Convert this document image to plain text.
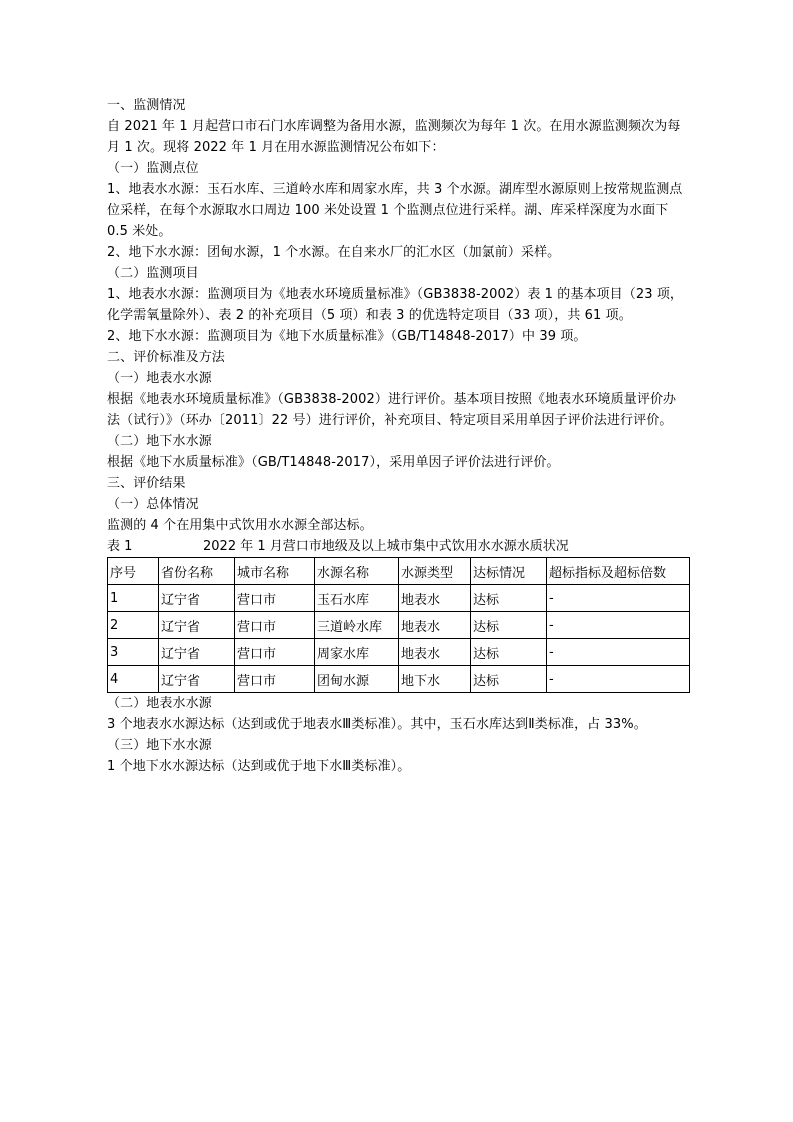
一、监测情况

自 2021 年 1 月起营口市石门水库调整为备用水源，监测频次为每年 1 次。在用水源监测频次为每月 1 次。现将 2022 年 1 月在用水源监测情况公布如下：

（一）监测点位

1、地表水水源：玉石水库、三道岭水库和周家水库，共 3 个水源。湖库型水源原则上按常规监测点位采样，在每个水源取水口周边 100 米处设置 1 个监测点位进行采样。湖、库采样深度为水面下 0.5 米处。

2、地下水水源：团甸水源，1 个水源。在自来水厂的汇水区（加氯前）采样。

（二）监测项目

1、地表水水源：监测项目为《地表水环境质量标准》（GB3838-2002）表 1 的基本项目（23 项，化学需氧量除外）、表 2 的补充项目（5 项）和表 3 的优选特定项目（33 项），共 61 项。

2、地下水水源：监测项目为《地下水质量标准》（GB/T14848-2017）中 39 项。

二、评价标准及方法

（一）地表水水源

根据《地表水环境质量标准》（GB3838-2002）进行评价。基本项目按照《地表水环境质量评价办法（试行）》（环办〔2011〕22 号）进行评价，补充项目、特定项目采用单因子评价法进行评价。

（二）地下水水源

根据《地下水质量标准》（GB/T14848-2017），采用单因子评价法进行评价。

三、评价结果

（一）总体情况

监测的 4 个在用集中式饮用水水源全部达标。

表 1	2022 年 1 月营口市地级及以上城市集中式饮用水水源水质状况

序号	省份名称	城市名称	水源名称	水源类型	达标情况	超标指标及超标倍数
1	辽宁省	营口市	玉石水库	地表水	达标	-
2	辽宁省	营口市	三道岭水库	地表水	达标	-
3	辽宁省	营口市	周家水库	地表水	达标	-
4	辽宁省	营口市	团甸水源	地下水	达标	-

（二）地表水水源

3 个地表水水源达标（达到或优于地表水Ⅲ类标准）。其中，玉石水库达到Ⅱ类标准，占 33%。

（三）地下水水源

1 个地下水水源达标（达到或优于地下水Ⅲ类标准）。
